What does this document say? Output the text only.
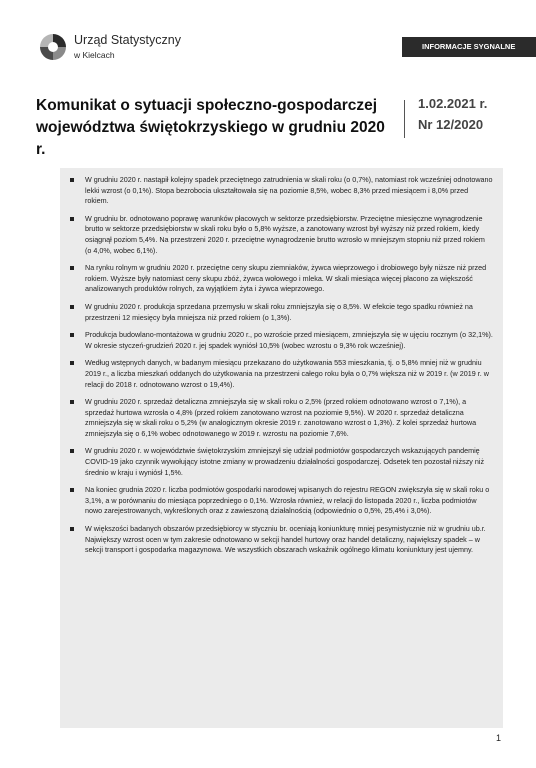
Urząd Statystyczny
w Kielcach
INFORMACJE SYGNALNE
Komunikat o sytuacji społeczno-gospodarczej
województwa świętokrzyskiego w grudniu 2020 r.
1.02.2021 r.
Nr 12/2020
W grudniu 2020 r. nastąpił kolejny spadek przeciętnego zatrudnienia w skali roku (o 0,7%), natomiast rok wcześniej odnotowano lekki wzrost (o 0,1%). Stopa bezrobocia ukształtowała się na poziomie 8,5%, wobec 8,3% przed miesiącem i 8,0% przed rokiem.
W grudniu br. odnotowano poprawę warunków płacowych w sektorze przedsiębiorstw. Przeciętne miesięczne wynagrodzenie brutto w sektorze przedsiębiorstw w skali roku było o 5,8% wyższe, a zanotowany wzrost był wyższy niż przed rokiem, kiedy osiągnął poziom 5,4%. Na przestrzeni 2020 r. przeciętne wynagrodzenie brutto wzrosło w mniejszym stopniu niż przed rokiem (o 4,0%, wobec 6,1%).
Na rynku rolnym w grudniu 2020 r. przeciętne ceny skupu ziemniaków, żywca wieprzowego i drobiowego były niższe niż przed rokiem. Wyższe były natomiast ceny skupu zbóż, żywca wołowego i mleka. W skali miesiąca więcej płacono za większość analizowanych produktów rolnych, za wyjątkiem żyta i żywca wieprzowego.
W grudniu 2020 r. produkcja sprzedana przemysłu w skali roku zmniejszyła się o 8,5%. W efekcie tego spadku również na przestrzeni 12 miesięcy była mniejsza niż przed rokiem (o 1,3%).
Produkcja budowlano-montażowa w grudniu 2020 r., po wzroście przed miesiącem, zmniejszyła się w ujęciu rocznym (o 32,1%). W okresie styczeń-grudzień 2020 r. jej spadek wyniósł 10,5% (wobec wzrostu o 9,3% rok wcześniej).
Według wstępnych danych, w badanym miesiącu przekazano do użytkowania 553 mieszkania, tj. o 5,8% mniej niż w grudniu 2019 r., a liczba mieszkań oddanych do użytkowania na przestrzeni całego roku była o 0,7% większa niż w 2019 r. (w 2019 r. w relacji do 2018 r. odnotowano wzrost o 19,4%).
W grudniu 2020 r. sprzedaż detaliczna zmniejszyła się w skali roku o 2,5% (przed rokiem odnotowano wzrost o 7,1%), a sprzedaż hurtowa wzrosła o 4,8% (przed rokiem zanotowano wzrost na poziomie 9,5%). W 2020 r. sprzedaż detaliczna zmniejszyła się w skali roku o 5,2% (w analogicznym okresie 2019 r. zanotowano wzrost o 1,3%). Z kolei sprzedaż hurtowa zmniejszyła się o 6,1% wobec odnotowanego w 2019 r. wzrostu na poziomie 7,6%.
W grudniu 2020 r. w województwie świętokrzyskim zmniejszył się udział podmiotów gospodarczych wskazujących pandemię COVID-19 jako czynnik wywołujący istotne zmiany w prowadzeniu działalności gospodarczej. Odsetek ten pozostał niższy niż średnio w kraju i wyniósł 1,5%.
Na koniec grudnia 2020 r. liczba podmiotów gospodarki narodowej wpisanych do rejestru REGON zwiększyła się w skali roku o 3,1%, a w porównaniu do miesiąca poprzedniego o 0,1%. Wzrosła również, w relacji do listopada 2020 r., liczba podmiotów nowo zarejestrowanych, wykreślonych oraz z zawieszoną działalnością (odpowiednio o 0,5%, 25,4% i 3,0%).
W większości badanych obszarów przedsiębiorcy w styczniu br. oceniają koniunkturę mniej pesymistycznie niż w grudniu ub.r. Największy wzrost ocen w tym zakresie odnotowano w sekcji handel hurtowy oraz handel detaliczny, największy spadek – w sekcji transport i gospodarka magazynowa. We wszystkich obszarach wskaźnik ogólnego klimatu koniunktury jest ujemny.
1
